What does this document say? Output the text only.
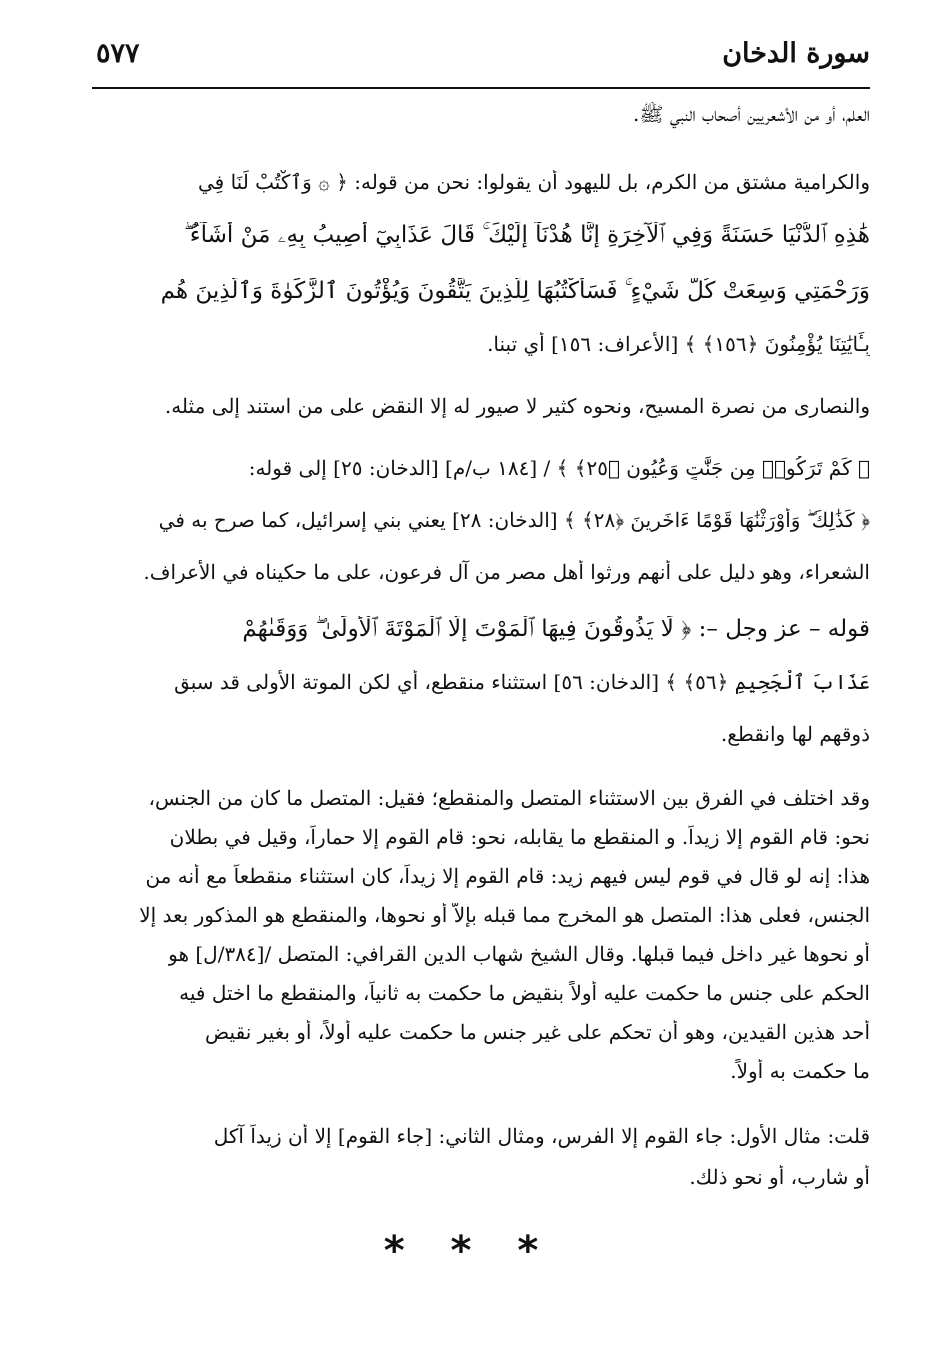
سورة الدخان
٥٧٧
العلم، أو من الأشعريين أصحاب النبي ﷺ.
والكرامية مشتق من الكرم، بل لليهود أن يقولوا: نحن من قوله: ﴿ ۞ وَٱكْتُبْ لَنَا فِي
هَٰذِهِ ٱلدُّنْيَا حَسَنَةً وَفِي ٱلْآخِرَةِ إِنَّا هُدْنَآ إِلَيْكَ ۚ قَالَ عَذَابِيٓ أُصِيبُ بِهِۦ مَنْ أَشَآءُ ۖ
وَرَحْمَتِي وَسِعَتْ كُلَّ شَيْءٍ ۚ فَسَأَكْتُبُهَا لِلَّذِينَ يَتَّقُونَ وَيُؤْتُونَ ٱلزَّكَوٰةَ وَٱلَّذِينَ هُم
بِـَٔايَٰتِنَا يُؤْمِنُونَ ﴿١٥٦﴾ ﴾ [الأعراف: ١٥٦] أي تبنا.
والنصارى من نصرة المسيح، ونحوه كثير لا صيور له إلا النقض على من استند إلى مثله.
﴿ كَمْ تَرَكُوا۟ مِن جَنَّٰتٍ وَعُيُونٍ ﴿٢٥﴾ ﴾ / [١٨٤ ب/م] [الدخان: ٢٥] إلى قوله:
﴿ كَذَٰلِكَ ۖ وَأَوْرَثْنَٰهَا قَوْمًا ءَاخَرِينَ ﴿٢٨﴾ ﴾ [الدخان: ٢٨] يعني بني إسرائيل، كما صرح به في
الشعراء، وهو دليل على أنهم ورثوا أهل مصر من آل فرعون، على ما حكيناه في الأعراف.
قوله – عز وجل –: ﴿ لَا يَذُوقُونَ فِيهَا ٱلْمَوْتَ إِلَّا ٱلْمَوْتَةَ ٱلْأُولَىٰ ۖ وَوَقَىٰهُمْ
عَذَابَ ٱلْجَحِيمِ ﴿٥٦﴾ ﴾ [الدخان: ٥٦] استثناء منقطع، أي لكن الموتة الأولى قد سبق
ذوقهم لها وانقطع.
وقد اختلف في الفرق بين الاستثناء المتصل والمنقطع؛ فقيل: المتصل ما كان من الجنس،
نحو: قام القوم إلا زيداً. و المنقطع ما يقابله، نحو: قام القوم إلا حماراً، وقيل في بطلان
هذا: إنه لو قال في قوم ليس فيهم زيد: قام القوم إلا زيداً، كان استثناء منقطعاً مع أنه من
الجنس، فعلى هذا: المتصل هو المخرج مما قبله بإلاّ أو نحوها، والمنقطع هو المذكور بعد إلا
أو نحوها غير داخل فيما قبلها. وقال الشيخ شهاب الدين القرافي: المتصل /[٣٨٤/ل] هو
الحكم على جنس ما حكمت عليه أولاً بنقيض ما حكمت به ثانياً، والمنقطع ما اختل فيه
أحد هذين القيدين، وهو أن تحكم على غير جنس ما حكمت عليه أولاً، أو بغير نقيض
ما حكمت به أولاً.
قلت: مثال الأول: جاء القوم إلا الفرس، ومثال الثاني: [جاء القوم] إلا أن زيداً آكل
أو شارب، أو نحو ذلك.
* * *
